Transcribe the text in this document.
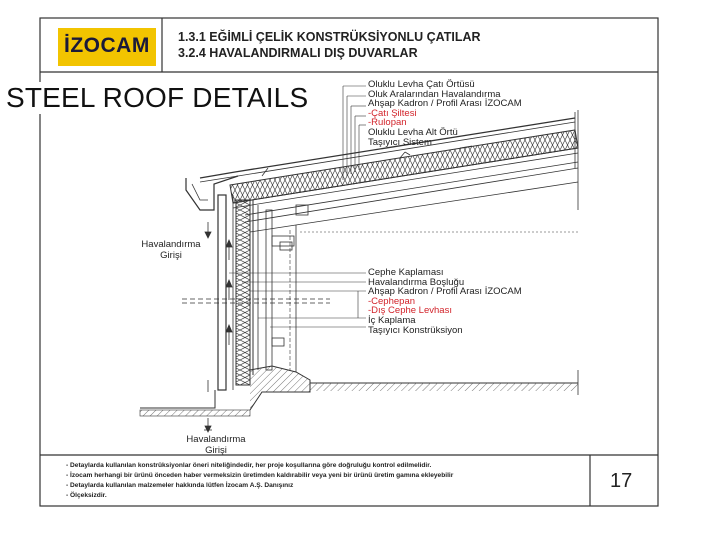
İZOCAM 1.3.1 EĞİMLİ ÇELİK KONSTRÜKSİYONLU ÇATILAR
3.2.4 HAVALANDIRMALI DIŞ DUVARLAR
STEEL ROOF DETAILS	Oluklu Levha Çatı Örtüsü
Oluk Aralarından Havalandırma
Ahşap Kadron / Profil Arası İZOCAM
-Çatı Şiltesi
-Rulopan
Oluklu Levha Alt Örtü
Taşıyıcı Sistem
Cephe Kaplaması
Havalandırma Boşluğu
Ahşap Kadron / Profil Arası İZOCAM
-Cephepan
-Dış Cephe Levhası
İç Kaplama
Taşıyıcı Konstrüksiyon
Havalandırma
Girişi
Havalandırma
Girişi
- Detaylarda kullanılan konstrüksiyonlar öneri niteliğindedir, her proje koşullarına göre doğruluğu kontrol edilmelidir.
- İzocam herhangi bir ürünü önceden haber vermeksizin üretimden kaldırabilir veya yeni bir ürünü üretim gamına ekleyebilir
- Detaylarda kullanılan malzemeler hakkında lütfen İzocam A.Ş. Danışınız
- Ölçeksizdir.
17
